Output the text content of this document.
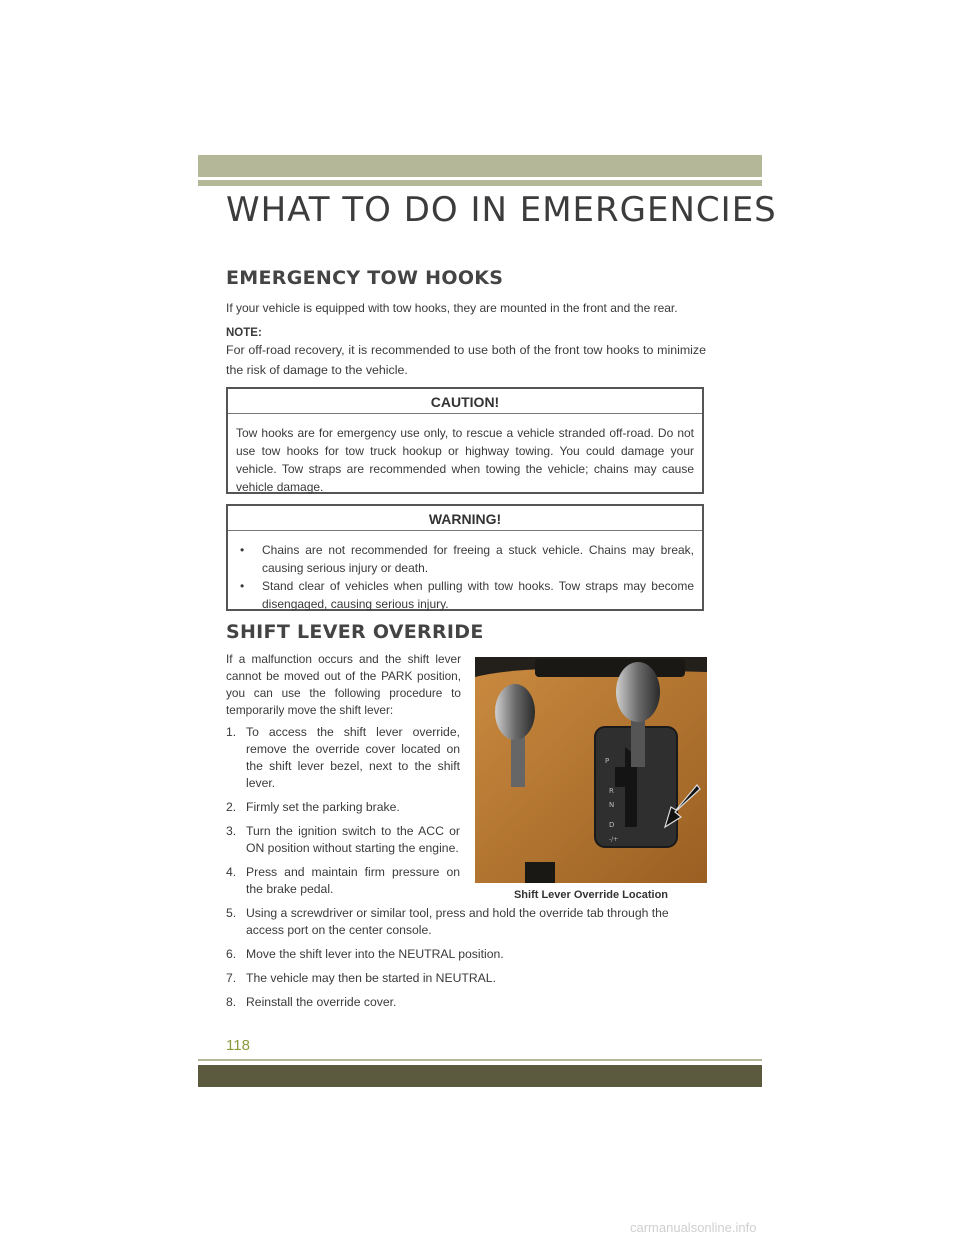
WHAT TO DO IN EMERGENCIES
EMERGENCY TOW HOOKS
If your vehicle is equipped with tow hooks, they are mounted in the front and the rear.
NOTE:
For off-road recovery, it is recommended to use both of the front tow hooks to minimize the risk of damage to the vehicle.
CAUTION!
Tow hooks are for emergency use only, to rescue a vehicle stranded off-road. Do not use tow hooks for tow truck hookup or highway towing. You could damage your vehicle. Tow straps are recommended when towing the vehicle; chains may cause vehicle damage.
WARNING!
• Chains are not recommended for freeing a stuck vehicle. Chains may break, causing serious injury or death.
• Stand clear of vehicles when pulling with tow hooks. Tow straps may become disengaged, causing serious injury.
SHIFT LEVER OVERRIDE
If a malfunction occurs and the shift lever cannot be moved out of the PARK position, you can use the following procedure to temporarily move the shift lever:
1. To access the shift lever override, remove the override cover located on the shift lever bezel, next to the shift lever.
2. Firmly set the parking brake.
3. Turn the ignition switch to the ACC or ON position without starting the engine.
4. Press and maintain firm pressure on the brake pedal.
5. Using a screwdriver or similar tool, press and hold the override tab through the access port on the center console.
6. Move the shift lever into the NEUTRAL position.
7. The vehicle may then be started in NEUTRAL.
8. Reinstall the override cover.
P
R
N
D
-/+
Shift Lever Override Location
118
carmanualsonline.info
